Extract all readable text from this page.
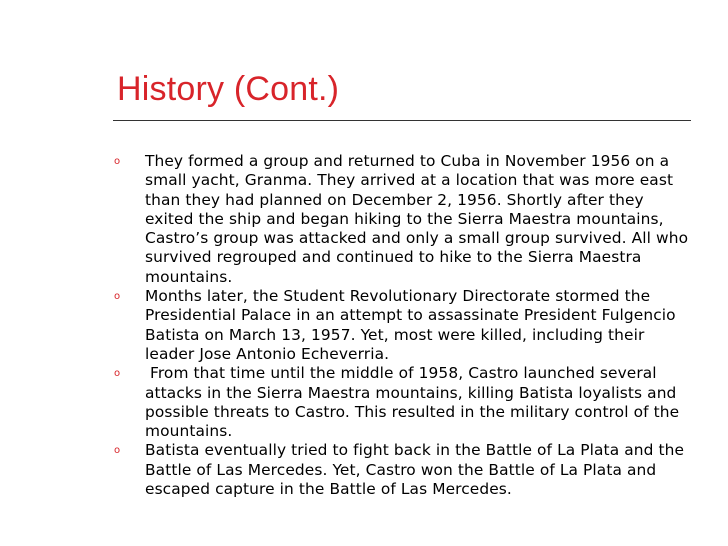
History (Cont.)
o They formed a group and returned to Cuba in November 1956 on a small yacht, Granma. They arrived at a location that was more east than they had planned on December 2, 1956. Shortly after they exited the ship and began hiking to the Sierra Maestra mountains, Castro’s group was attacked and only a small group survived. All who survived regrouped and continued to hike to the Sierra Maestra mountains.
o Months later, the Student Revolutionary Directorate stormed the Presidential Palace in an attempt to assassinate President Fulgencio Batista on March 13, 1957. Yet, most were killed, including their leader Jose Antonio Echeverria.
o From that time until the middle of 1958, Castro launched several attacks in the Sierra Maestra mountains, killing Batista loyalists and possible threats to Castro. This resulted in the military control of the mountains.
o Batista eventually tried to fight back in the Battle of La Plata and the Battle of Las Mercedes. Yet, Castro won the Battle of La Plata and escaped capture in the Battle of Las Mercedes.
